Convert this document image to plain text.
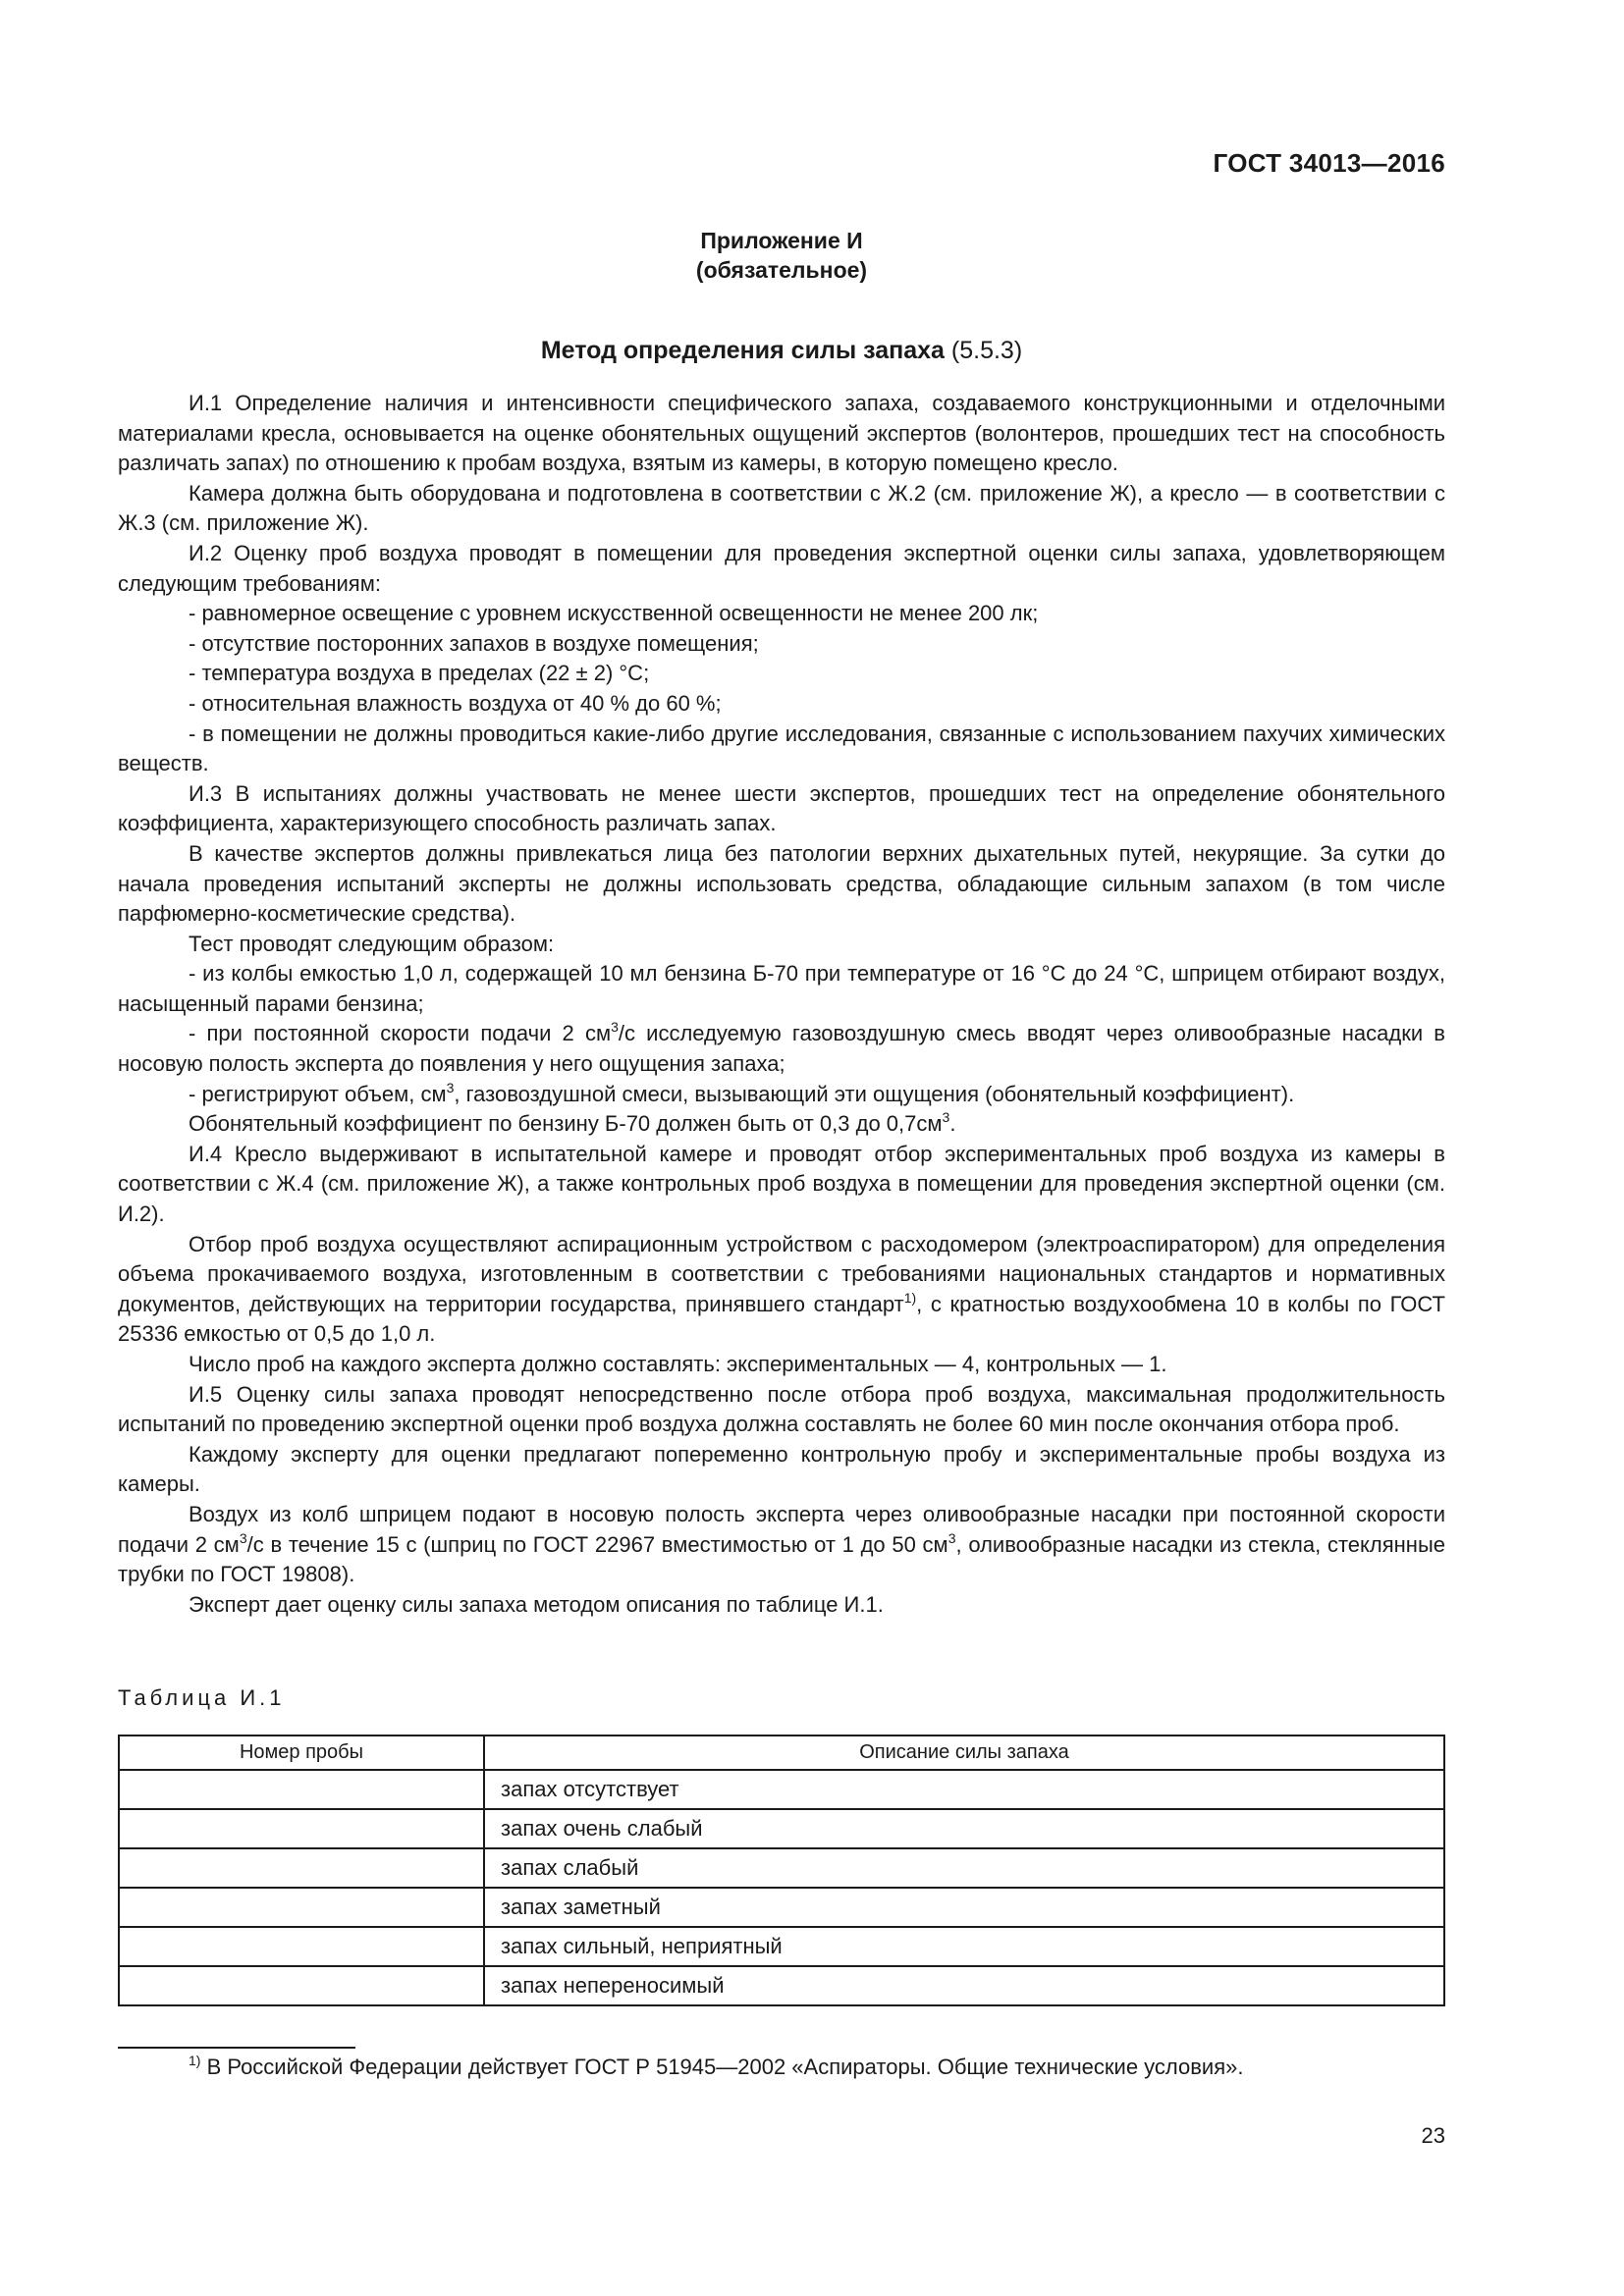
ГОСТ 34013—2016
Приложение И
(обязательное)
Метод определения силы запаха (5.5.3)

И.1 Определение наличия и интенсивности специфического запаха, создаваемого конструкционными и отделочными материалами кресла, основывается на оценке обонятельных ощущений экспертов (волонтеров, прошедших тест на способность различать запах) по отношению к пробам воздуха, взятым из камеры, в которую помещено кресло.

Камера должна быть оборудована и подготовлена в соответствии с Ж.2 (см. приложение Ж), а кресло — в соответствии с Ж.3 (см. приложение Ж).

И.2 Оценку проб воздуха проводят в помещении для проведения экспертной оценки силы запаха, удовлетворяющем следующим требованиям:

- равномерное освещение с уровнем искусственной освещенности не менее 200 лк;

- отсутствие посторонних запахов в воздухе помещения;

- температура воздуха в пределах (22 ± 2) °С;

- относительная влажность воздуха от 40 % до 60 %;

- в помещении не должны проводиться какие-либо другие исследования, связанные с использованием пахучих химических веществ.

И.3 В испытаниях должны участвовать не менее шести экспертов, прошедших тест на определение обонятельного коэффициента, характеризующего способность различать запах.

В качестве экспертов должны привлекаться лица без патологии верхних дыхательных путей, некурящие. За сутки до начала проведения испытаний эксперты не должны использовать средства, обладающие сильным запахом (в том числе парфюмерно-косметические средства).

Тест проводят следующим образом:

- из колбы емкостью 1,0 л, содержащей 10 мл бензина Б-70 при температуре от 16 °С до 24 °С, шприцем отбирают воздух, насыщенный парами бензина;

- при постоянной скорости подачи 2 $см^3/с$ исследуемую газовоздушную смесь вводят через оливообразные насадки в носовую полость эксперта до появления у него ощущения запаха;

- регистрируют объем, $см^3$, газовоздушной смеси, вызывающий эти ощущения (обонятельный коэффициент).

Обонятельный коэффициент по бензину Б-70 должен быть от 0,3 до $0,7см^3$.

И.4 Кресло выдерживают в испытательной камере и проводят отбор экспериментальных проб воздуха из камеры в соответствии с Ж.4 (см. приложение Ж), а также контрольных проб воздуха в помещении для проведения экспертной оценки (см. И.2).

Отбор проб воздуха осуществляют аспирационным устройством с расходомером (электроаспиратором) для определения объема прокачиваемого воздуха, изготовленным в соответствии с требованиями национальных стандартов и нормативных документов, действующих на территории государства, принявшего стандарт$^{1)}$, с кратностью воздухообмена 10 в колбы по ГОСТ 25336 емкостью от 0,5 до 1,0 л.

Число проб на каждого эксперта должно составлять: экспериментальных — 4, контрольных — 1.

И.5 Оценку силы запаха проводят непосредственно после отбора проб воздуха, максимальная продолжительность испытаний по проведению экспертной оценки проб воздуха должна составлять не более 60 мин после окончания отбора проб.

Каждому эксперту для оценки предлагают попеременно контрольную пробу и экспериментальные пробы воздуха из камеры.

Воздух из колб шприцем подают в носовую полость эксперта через оливообразные насадки при постоянной скорости подачи 2 $см^3/с$ в течение 15 с (шприц по ГОСТ 22967 вместимостью от 1 до 50 $см^3$, оливообразные насадки из стекла, стеклянные трубки по ГОСТ 19808).

Эксперт дает оценку силы запаха методом описания по таблице И.1.

Таблица И.1
Номер пробы	Описание силы запаха
	запах отсутствует
	запах очень слабый
	запах слабый
	запах заметный
	запах сильный, неприятный
	запах непереносимый
$^{1)}$ В Российской Федерации действует ГОСТ Р 51945—2002 «Аспираторы. Общие технические условия».
23
